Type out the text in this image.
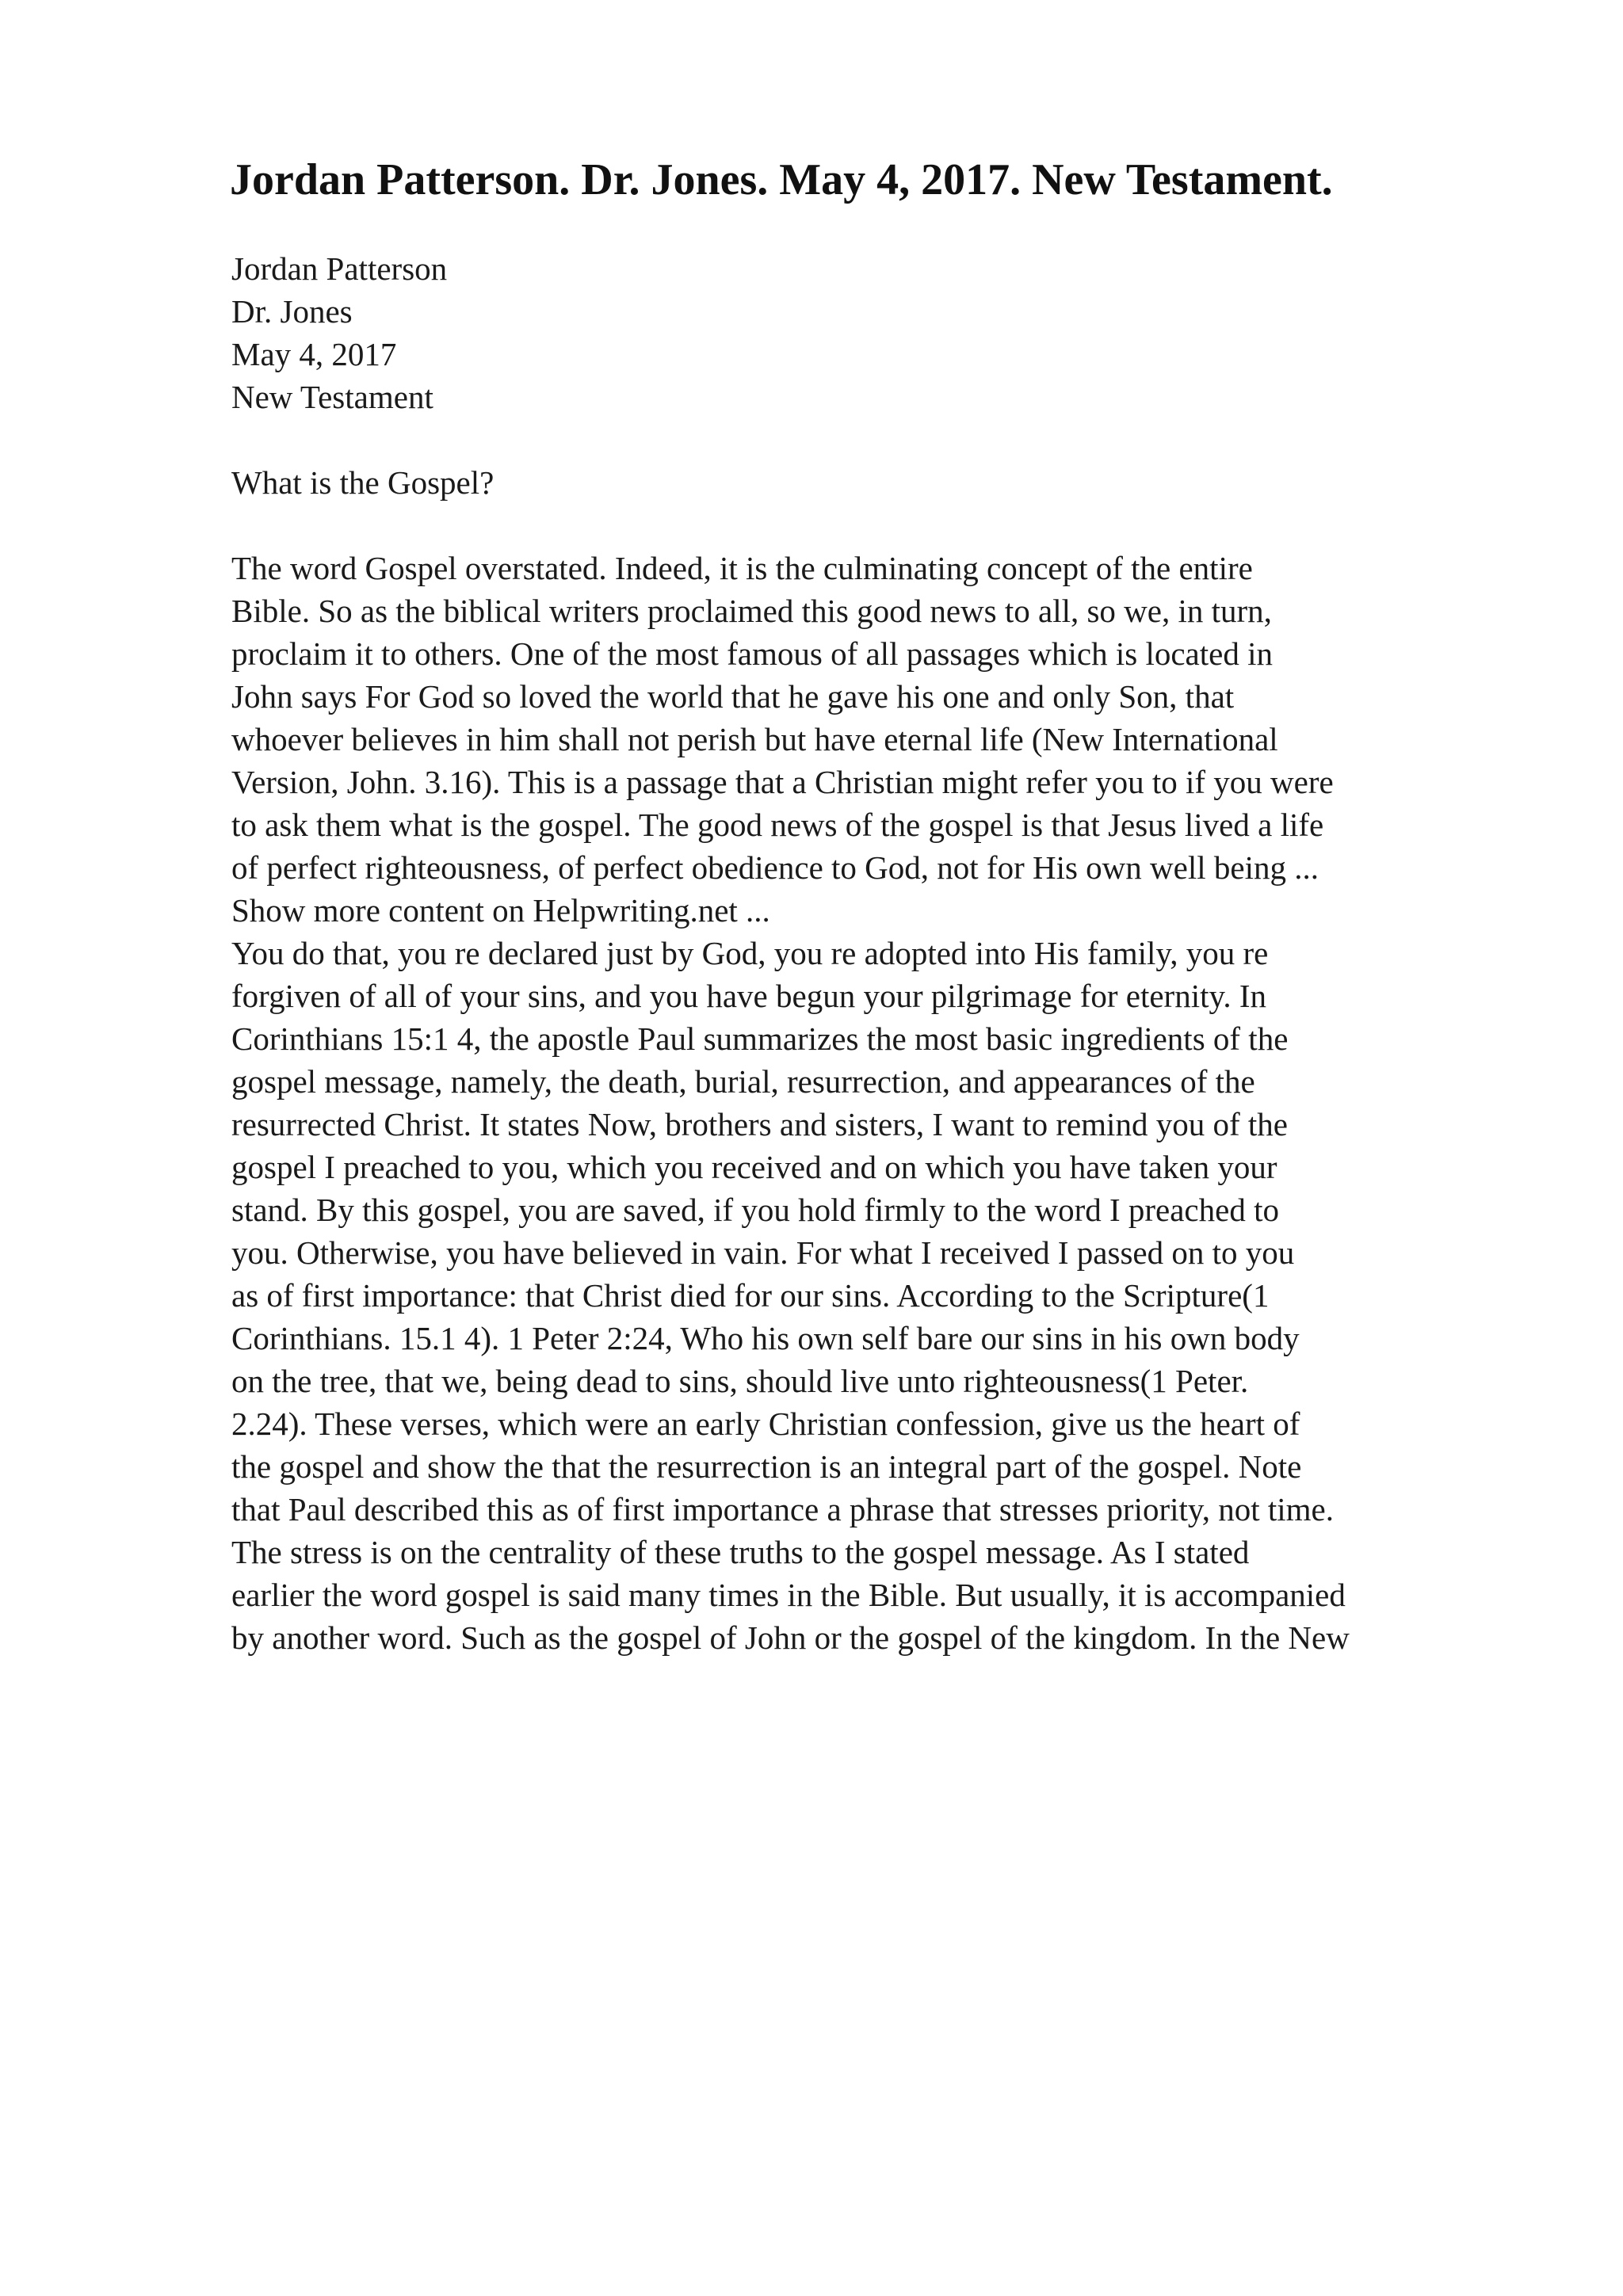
Jordan Patterson. Dr. Jones. May 4, 2017. New Testament.
Jordan Patterson
Dr. Jones
May 4, 2017
New Testament
What is the Gospel?
The word Gospel overstated. Indeed, it is the culminating concept of the entire
Bible. So as the biblical writers proclaimed this good news to all, so we, in turn,
proclaim it to others. One of the most famous of all passages which is located in
John says For God so loved the world that he gave his one and only Son, that
whoever believes in him shall not perish but have eternal life (New International
Version, John. 3.16). This is a passage that a Christian might refer you to if you were
to ask them what is the gospel. The good news of the gospel is that Jesus lived a life
of perfect righteousness, of perfect obedience to God, not for His own well being ...
Show more content on Helpwriting.net ...
You do that, you re declared just by God, you re adopted into His family, you re
forgiven of all of your sins, and you have begun your pilgrimage for eternity. In
Corinthians 15:1 4, the apostle Paul summarizes the most basic ingredients of the
gospel message, namely, the death, burial, resurrection, and appearances of the
resurrected Christ. It states Now, brothers and sisters, I want to remind you of the
gospel I preached to you, which you received and on which you have taken your
stand. By this gospel, you are saved, if you hold firmly to the word I preached to
you. Otherwise, you have believed in vain. For what I received I passed on to you
as of first importance: that Christ died for our sins. According to the Scripture(1
Corinthians. 15.1 4). 1 Peter 2:24, Who his own self bare our sins in his own body
on the tree, that we, being dead to sins, should live unto righteousness(1 Peter.
2.24). These verses, which were an early Christian confession, give us the heart of
the gospel and show the that the resurrection is an integral part of the gospel. Note
that Paul described this as of first importance a phrase that stresses priority, not time.
The stress is on the centrality of these truths to the gospel message. As I stated
earlier the word gospel is said many times in the Bible. But usually, it is accompanied
by another word. Such as the gospel of John or the gospel of the kingdom. In the New
